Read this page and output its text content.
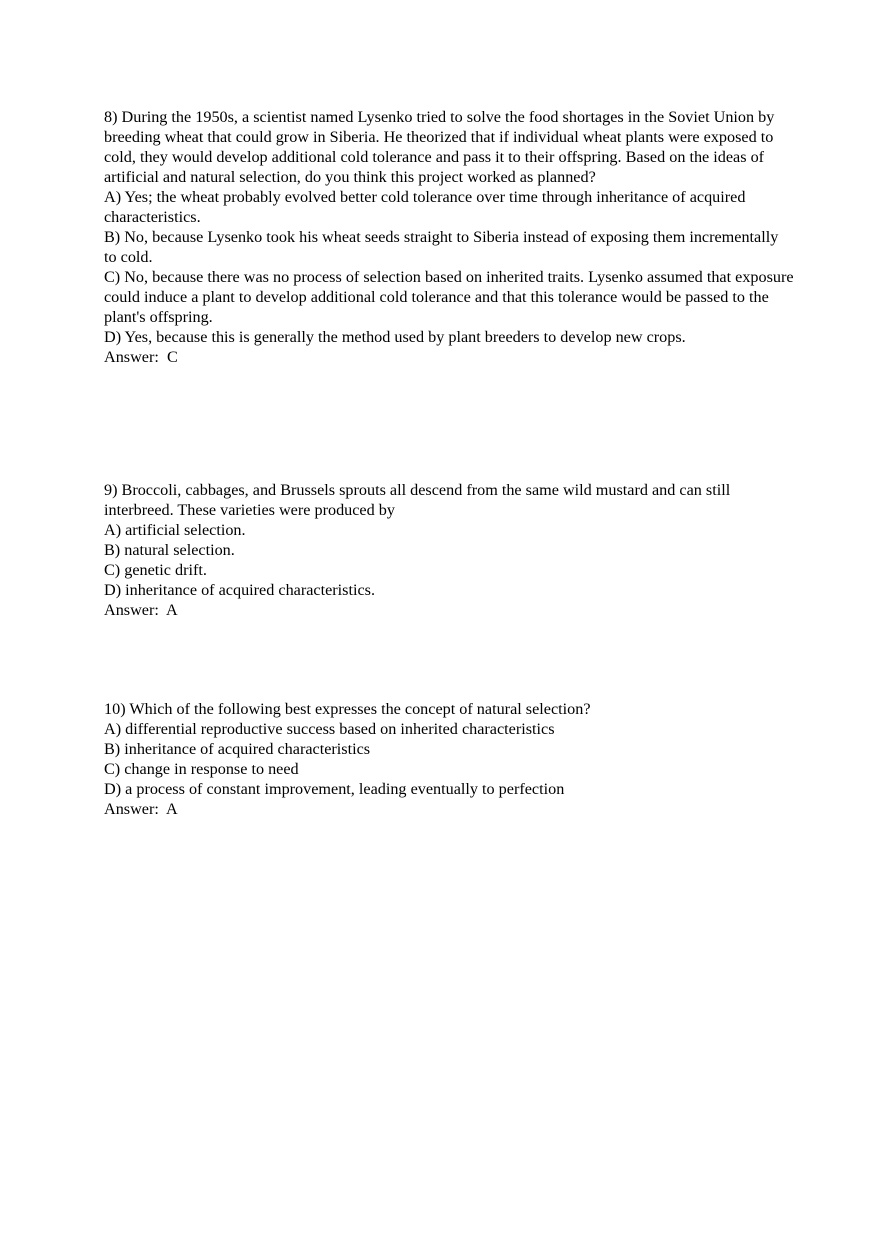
8) During the 1950s, a scientist named Lysenko tried to solve the food shortages in the Soviet Union by breeding wheat that could grow in Siberia. He theorized that if individual wheat plants were exposed to cold, they would develop additional cold tolerance and pass it to their offspring. Based on the ideas of artificial and natural selection, do you think this project worked as planned?
A) Yes; the wheat probably evolved better cold tolerance over time through inheritance of acquired characteristics.
B) No, because Lysenko took his wheat seeds straight to Siberia instead of exposing them incrementally to cold.
C) No, because there was no process of selection based on inherited traits. Lysenko assumed that exposure could induce a plant to develop additional cold tolerance and that this tolerance would be passed to the plant's offspring.
D) Yes, because this is generally the method used by plant breeders to develop new crops.
Answer:  C
9) Broccoli, cabbages, and Brussels sprouts all descend from the same wild mustard and can still interbreed. These varieties were produced by
A) artificial selection.
B) natural selection.
C) genetic drift.
D) inheritance of acquired characteristics.
Answer:  A
10) Which of the following best expresses the concept of natural selection?
A) differential reproductive success based on inherited characteristics
B) inheritance of acquired characteristics
C) change in response to need
D) a process of constant improvement, leading eventually to perfection
Answer:  A
